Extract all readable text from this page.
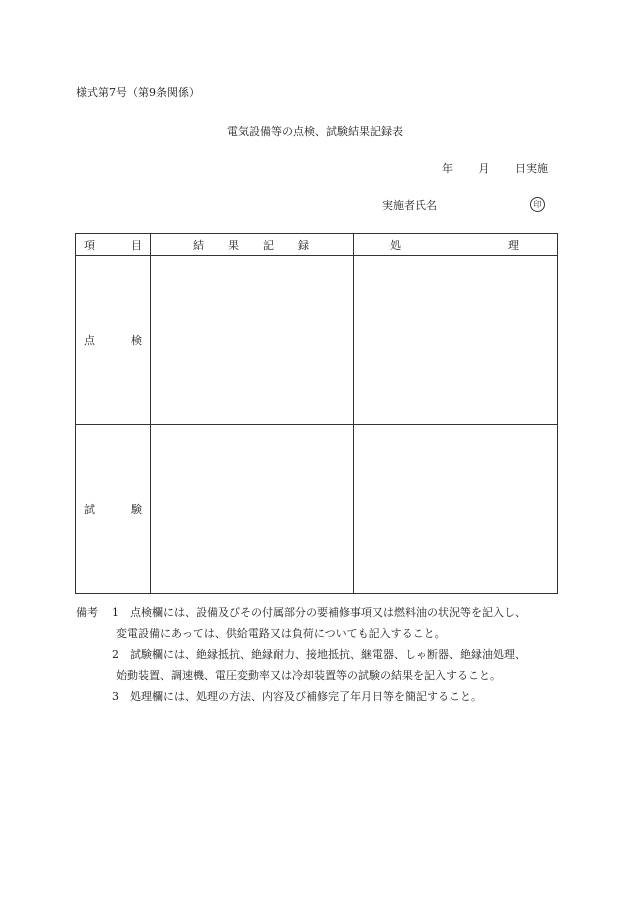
様式第7号（第9条関係）
電気設備等の点検、試験結果記録表
年 月 日実施
実施者氏名	印
項 目	結 果 記 録	処 理

点 検		

試 験		

備考 1	点検欄には、設備及びその付属部分の要補修事項又は燃料油の状況等を記入し、
変電設備にあっては、供給電路又は負荷についても記入すること。
2	試験欄には、絶縁抵抗、絶縁耐力、接地抵抗、継電器、しゃ断器、絶縁油処理、
始動装置、調速機、電圧変動率又は冷却装置等の試験の結果を記入すること。
3	処理欄には、処理の方法、内容及び補修完了年月日等を簡記すること。
